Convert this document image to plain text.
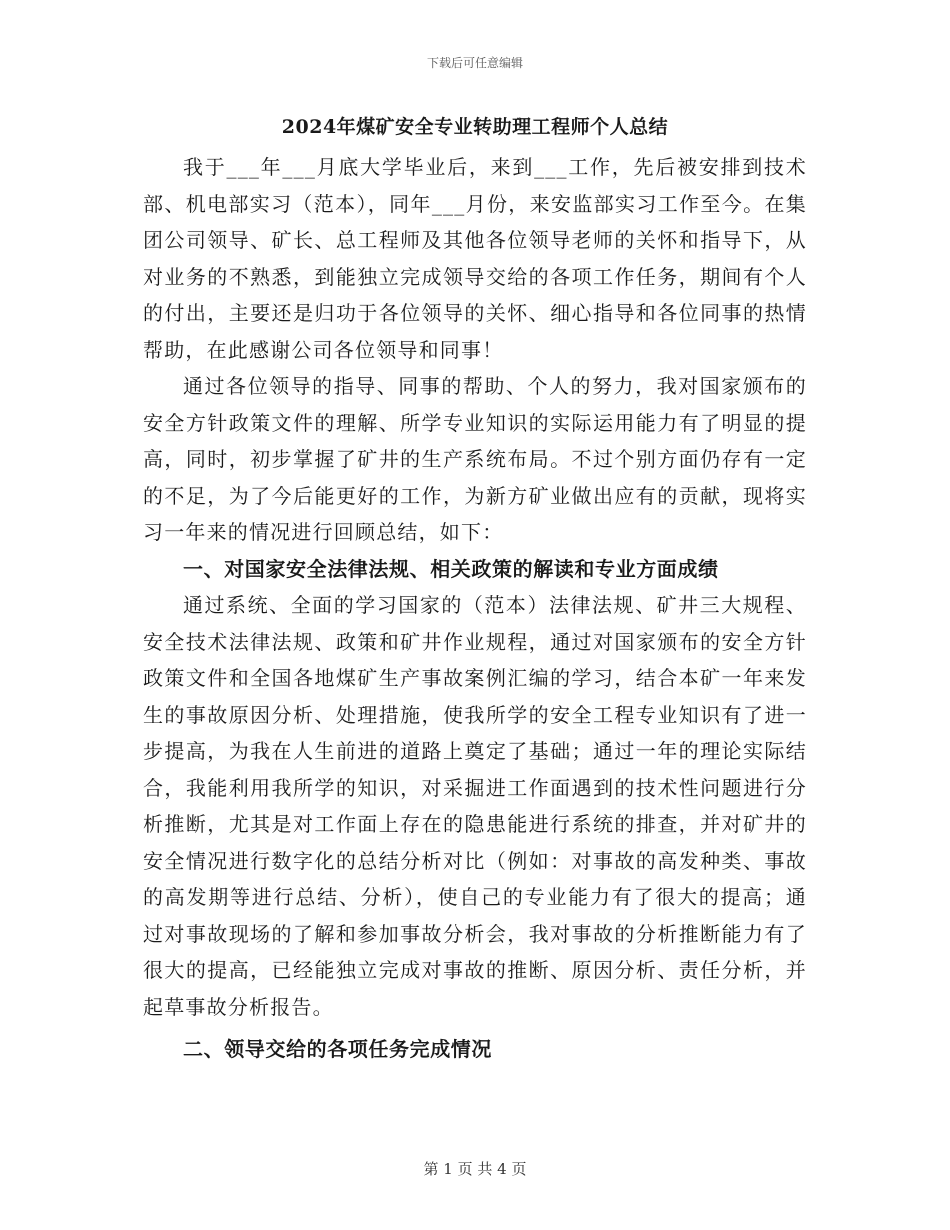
下载后可任意编辑
2024年煤矿安全专业转助理工程师个人总结

我于___年___月底大学毕业后，来到___工作，先后被安排到技术部、机电部实习（范本），同年___月份，来安监部实习工作至今。在集团公司领导、矿长、总工程师及其他各位领导老师的关怀和指导下，从对业务的不熟悉，到能独立完成领导交给的各项工作任务，期间有个人的付出，主要还是归功于各位领导的关怀、细心指导和各位同事的热情帮助，在此感谢公司各位领导和同事！

通过各位领导的指导、同事的帮助、个人的努力，我对国家颁布的安全方针政策文件的理解、所学专业知识的实际运用能力有了明显的提高，同时，初步掌握了矿井的生产系统布局。不过个别方面仍存有一定的不足，为了今后能更好的工作，为新方矿业做出应有的贡献，现将实习一年来的情况进行回顾总结，如下：

一、对国家安全法律法规、相关政策的解读和专业方面成绩

通过系统、全面的学习国家的（范本）法律法规、矿井三大规程、安全技术法律法规、政策和矿井作业规程，通过对国家颁布的安全方针政策文件和全国各地煤矿生产事故案例汇编的学习，结合本矿一年来发生的事故原因分析、处理措施，使我所学的安全工程专业知识有了进一步提高，为我在人生前进的道路上奠定了基础；通过一年的理论实际结合，我能利用我所学的知识，对采掘进工作面遇到的技术性问题进行分析推断，尤其是对工作面上存在的隐患能进行系统的排查，并对矿井的安全情况进行数字化的总结分析对比（例如：对事故的高发种类、事故的高发期等进行总结、分析），使自己的专业能力有了很大的提高；通过对事故现场的了解和参加事故分析会，我对事故的分析推断能力有了很大的提高，已经能独立完成对事故的推断、原因分析、责任分析，并起草事故分析报告。

二、领导交给的各项任务完成情况

第 1 页 共 4 页
